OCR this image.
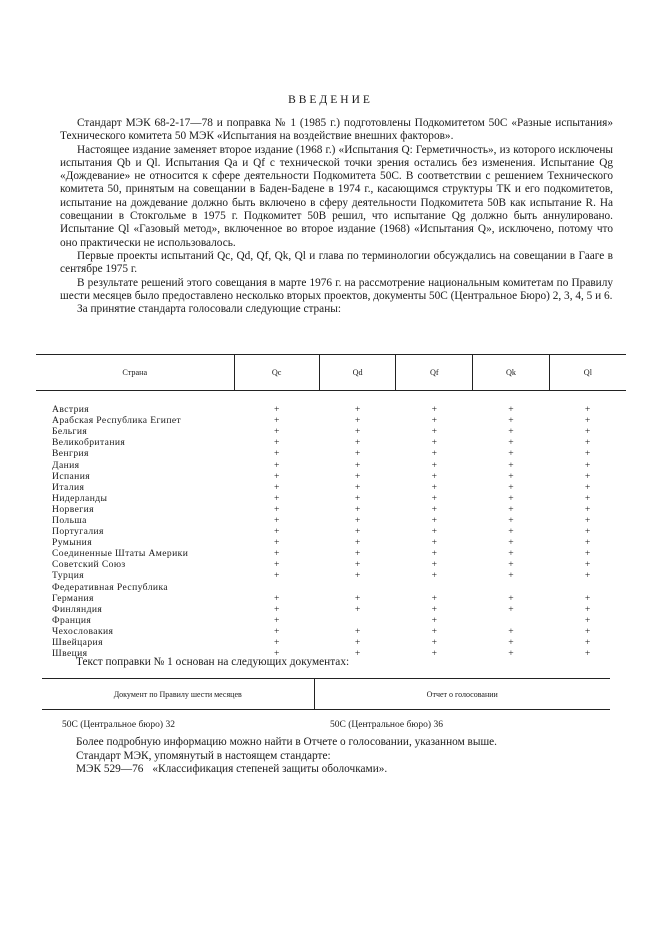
ВВЕДЕНИЕ

Стандарт МЭК 68-2-17—78 и поправка № 1 (1985 г.) подготовлены Подкомитетом 50С «Разные испытания» Технического комитета 50 МЭК «Испытания на воздействие внешних факторов».

Настоящее издание заменяет второе издание (1968 г.) «Испытания Q: Герметичность», из которого исключены испытания Qb и Ql. Испытания Qa и Qf с технической точки зрения остались без изменения. Испытание Qg «Дождевание» не относится к сфере деятельности Подкомитета 50С. В соответствии с решением Технического комитета 50, принятым на совещании в Баден-Бадене в 1974 г., касающимся структуры ТК и его подкомитетов, испытание на дождевание должно быть включено в сферу деятельности Подкомитета 50В как испытание R. На совещании в Стокгольме в 1975 г. Подкомитет 50В решил, что испытание Qg должно быть аннулировано. Испытание Ql «Газовый метод», включенное во второе издание (1968) «Испытания Q», исключено, потому что оно практически не использовалось.

Первые проекты испытаний Qc, Qd, Qf, Qk, Ql и глава по терминологии обсуждались на совещании в Гааге в сентябре 1975 г.

В результате решений этого совещания в марте 1976 г. на рассмотрение национальным комитетам по Правилу шести месяцев было предоставлено несколько вторых проектов, документы 50С (Центральное Бюро) 2, 3, 4, 5 и 6.

За принятие стандарта голосовали следующие страны:

Страна	Qc	Qd	Qf	Qk	Ql
Австрия	+	+	+	+	+
Арабская Республика Египет	+	+	+	+	+
Бельгия	+	+	+	+	+
Великобритания	+	+	+	+	+
Венгрия	+	+	+	+	+
Дания	+	+	+	+	+
Испания	+	+	+	+	+
Италия	+	+	+	+	+
Нидерланды	+	+	+	+	+
Норвегия	+	+	+	+	+
Польша	+	+	+	+	+
Португалия	+	+	+	+	+
Румыния	+	+	+	+	+
Соединенные Штаты Америки	+	+	+	+	+
Советский Союз	+	+	+	+	+
Турция	+	+	+	+	+
Федеративная Республика					
Германия	+	+	+	+	+
Финляндия	+	+	+	+	+
Франция	+		+		+
Чехословакия	+	+	+	+	+
Швейцария	+	+	+	+	+
Швеция	+	+	+	+	+
Текст поправки № 1 основан на следующих документах:
Документ по Правилу шести месяцев	Отчет о голосовании
50С (Центральное бюро) 32	50С (Центральное бюро) 36
Более подробную информацию можно найти в Отчете о голосовании, указанном выше.
Стандарт МЭК, упомянутый в настоящем стандарте:
МЭК 529—76 «Классификация степеней защиты оболочками».
